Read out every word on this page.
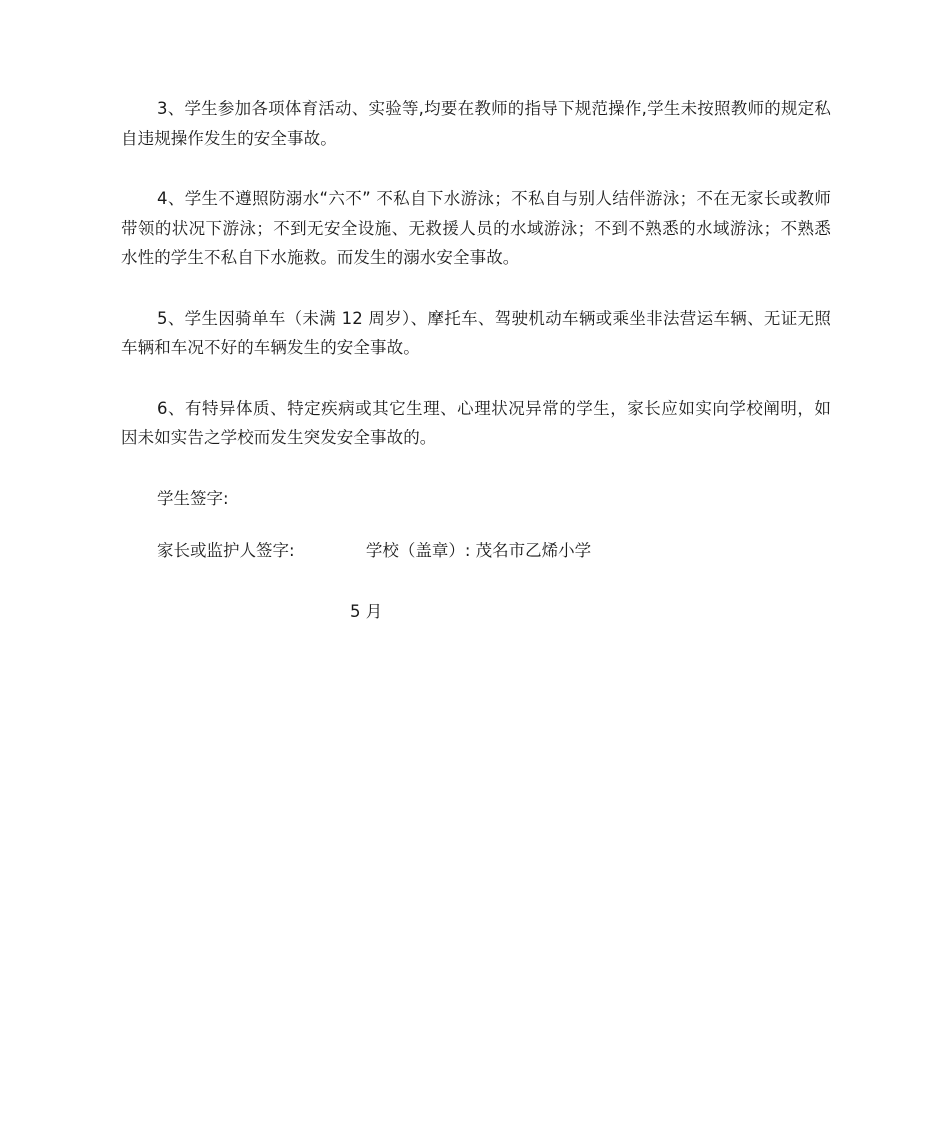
3、学生参加各项体育活动、实验等,均要在教师的指导下规范操作,学生未按照教师的规定私自违规操作发生的安全事故。

4、学生不遵照防溺水“六不” 不私自下水游泳；不私自与别人结伴游泳；不在无家长或教师带领的状况下游泳；不到无安全设施、无救援人员的水域游泳；不到不熟悉的水域游泳；不熟悉水性的学生不私自下水施救。而发生的溺水安全事故。

5、学生因骑单车（未满 12 周岁）、摩托车、驾驶机动车辆或乘坐非法营运车辆、无证无照车辆和车况不好的车辆发生的安全事故。

6、有特异体质、特定疾病或其它生理、心理状况异常的学生，家长应如实向学校阐明，如因未如实告之学校而发生突发安全事故的。

学生签字:

家长或监护人签字:	学校（盖章）: 茂名市乙烯小学

5 月
